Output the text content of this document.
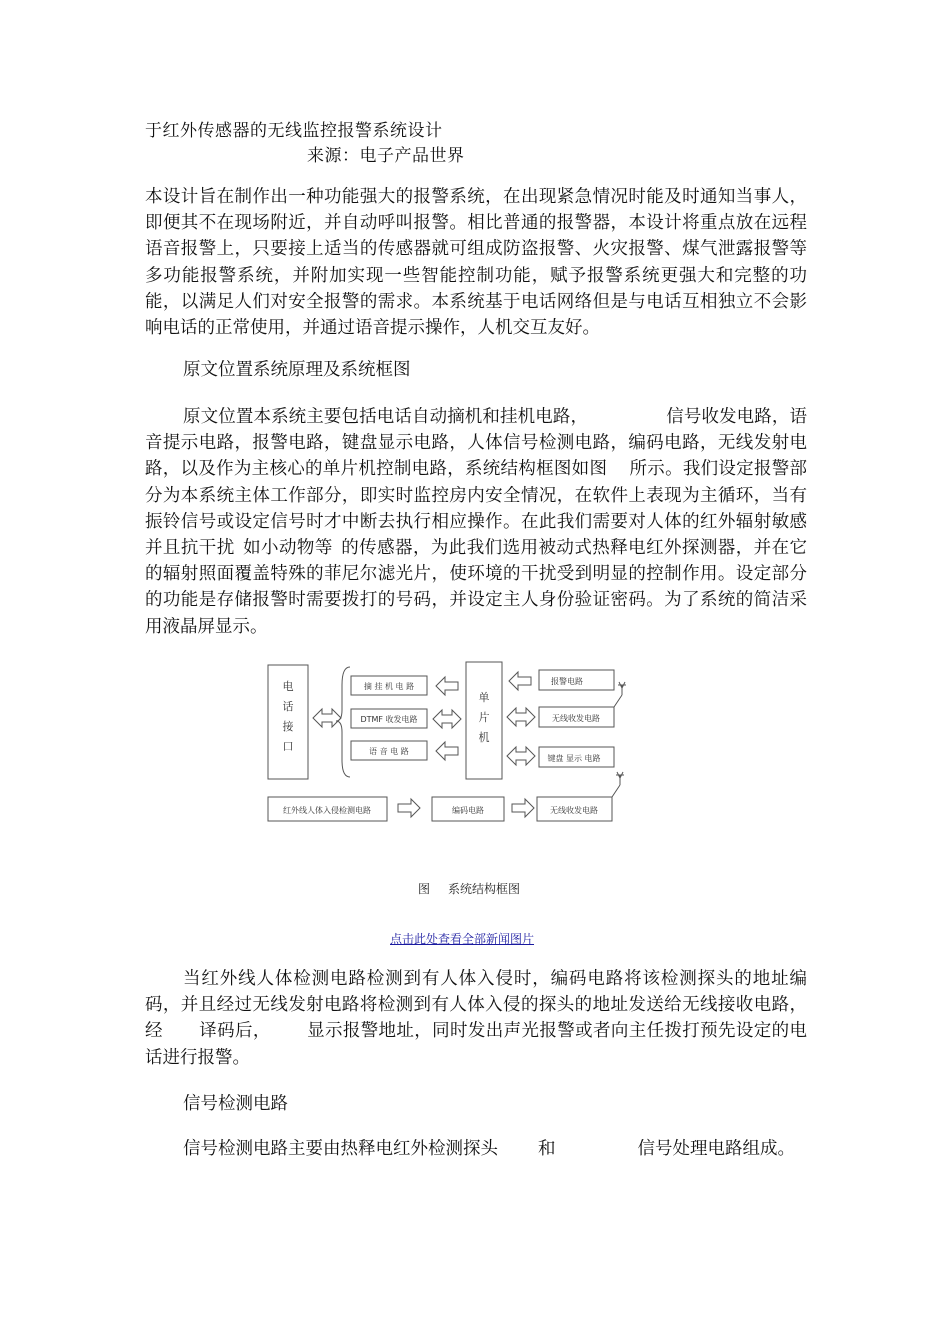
于红外传感器的无线监控报警系统设计
来源：电子产品世界

本设计旨在制作出一种功能强大的报警系统，在出现紧急情况时能及时通知当事人，即便其不在现场附近，并自动呼叫报警。相比普通的报警器，本设计将重点放在远程语音报警上，只要接上适当的传感器就可组成防盗报警、火灾报警、煤气泄露报警等多功能报警系统，并附加实现一些智能控制功能，赋予报警系统更强大和完整的功能，以满足人们对安全报警的需求。本系统基于电话网络但是与电话互相独立不会影响电话的正常使用，并通过语音提示操作，人机交互友好。

原文位置系统原理及系统框图

原文位置本系统主要包括电话自动摘机和挂机电路，	信号收发电路，语音提示电路，报警电路，键盘显示电路，人体信号检测电路，编码电路，无线发射电路，以及作为主核心的单片机控制电路，系统结构框图如图 所示。我们设定报警部分为本系统主体工作部分，即实时监控房内安全情况，在软件上表现为主循环，当有振铃信号或设定信号时才中断去执行相应操作。在此我们需要对人体的红外辐射敏感并且抗干扰 如小动物等 的传感器，为此我们选用被动式热释电红外探测器，并在它的辐射照面覆盖特殊的菲尼尔滤光片，使环境的干扰受到明显的控制作用。设定部分的功能是存储报警时需要拨打的号码，并设定主人身份验证密码。为了系统的简洁采用液晶屏显示。

电
话
接
口
摘 挂 机 电 路
DTMF 收发电路
语 音 电 路
单
片
机
报警电路
无线收发电路
键盘 显示 电路
红外线人体入侵检测电路	编码电路	无线收发电路
图 系统结构框图
点击此处查看全部新闻图片

当红外线人体检测电路检测到有人体入侵时，编码电路将该检测探头的地址编码，并且经过无线发射电路将检测到有人体入侵的探头的地址发送给无线接收电路，经 译码后， 显示报警地址，同时发出声光报警或者向主任拨打预先设定的电话进行报警。

信号检测电路

信号检测电路主要由热释电红外检测探头 和	信号处理电路组成。
